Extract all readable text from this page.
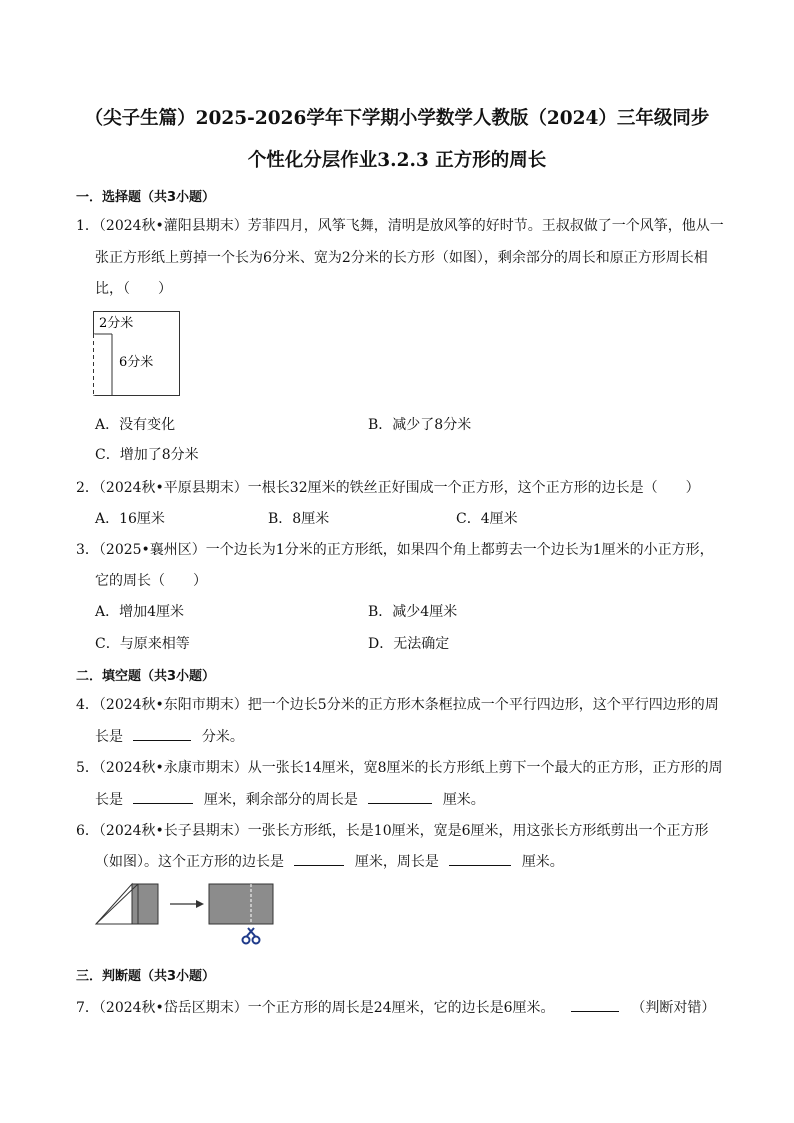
（尖子生篇）2025-2026学年下学期小学数学人教版（2024）三年级同步
个性化分层作业3.2.3 正方形的周长
一．选择题（共3小题）
1．（2024秋•灌阳县期末）芳菲四月，风筝飞舞，清明是放风筝的好时节。王叔叔做了一个风筝，他从一
张正方形纸上剪掉一个长为6分米、宽为2分米的长方形（如图），剩余部分的周长和原正方形周长相
比，（　　）
2分米
6分米
A．没有变化	B．减少了8分米
C．增加了8分米
2．（2024秋•平原县期末）一根长32厘米的铁丝正好围成一个正方形，这个正方形的边长是（　　）
A．16厘米	B．8厘米	C．4厘米
3．（2025•襄州区）一个边长为1分米的正方形纸，如果四个角上都剪去一个边长为1厘米的小正方形，
它的周长（　　）
A．增加4厘米	B．减少4厘米
C．与原来相等	D．无法确定
二．填空题（共3小题）
4．（2024秋•东阳市期末）把一个边长5分米的正方形木条框拉成一个平行四边形，这个平行四边形的周
长是	分米。
5．（2024秋•永康市期末）从一张长14厘米，宽8厘米的长方形纸上剪下一个最大的正方形，正方形的周
长是	厘米，剩余部分的周长是	厘米。
6．（2024秋•长子县期末）一张长方形纸，长是10厘米，宽是6厘米，用这张长方形纸剪出一个正方形
（如图）。这个正方形的边长是	厘米，周长是	厘米。
三．判断题（共3小题）
7．（2024秋•岱岳区期末）一个正方形的周长是24厘米，它的边长是6厘米。	（判断对错）
